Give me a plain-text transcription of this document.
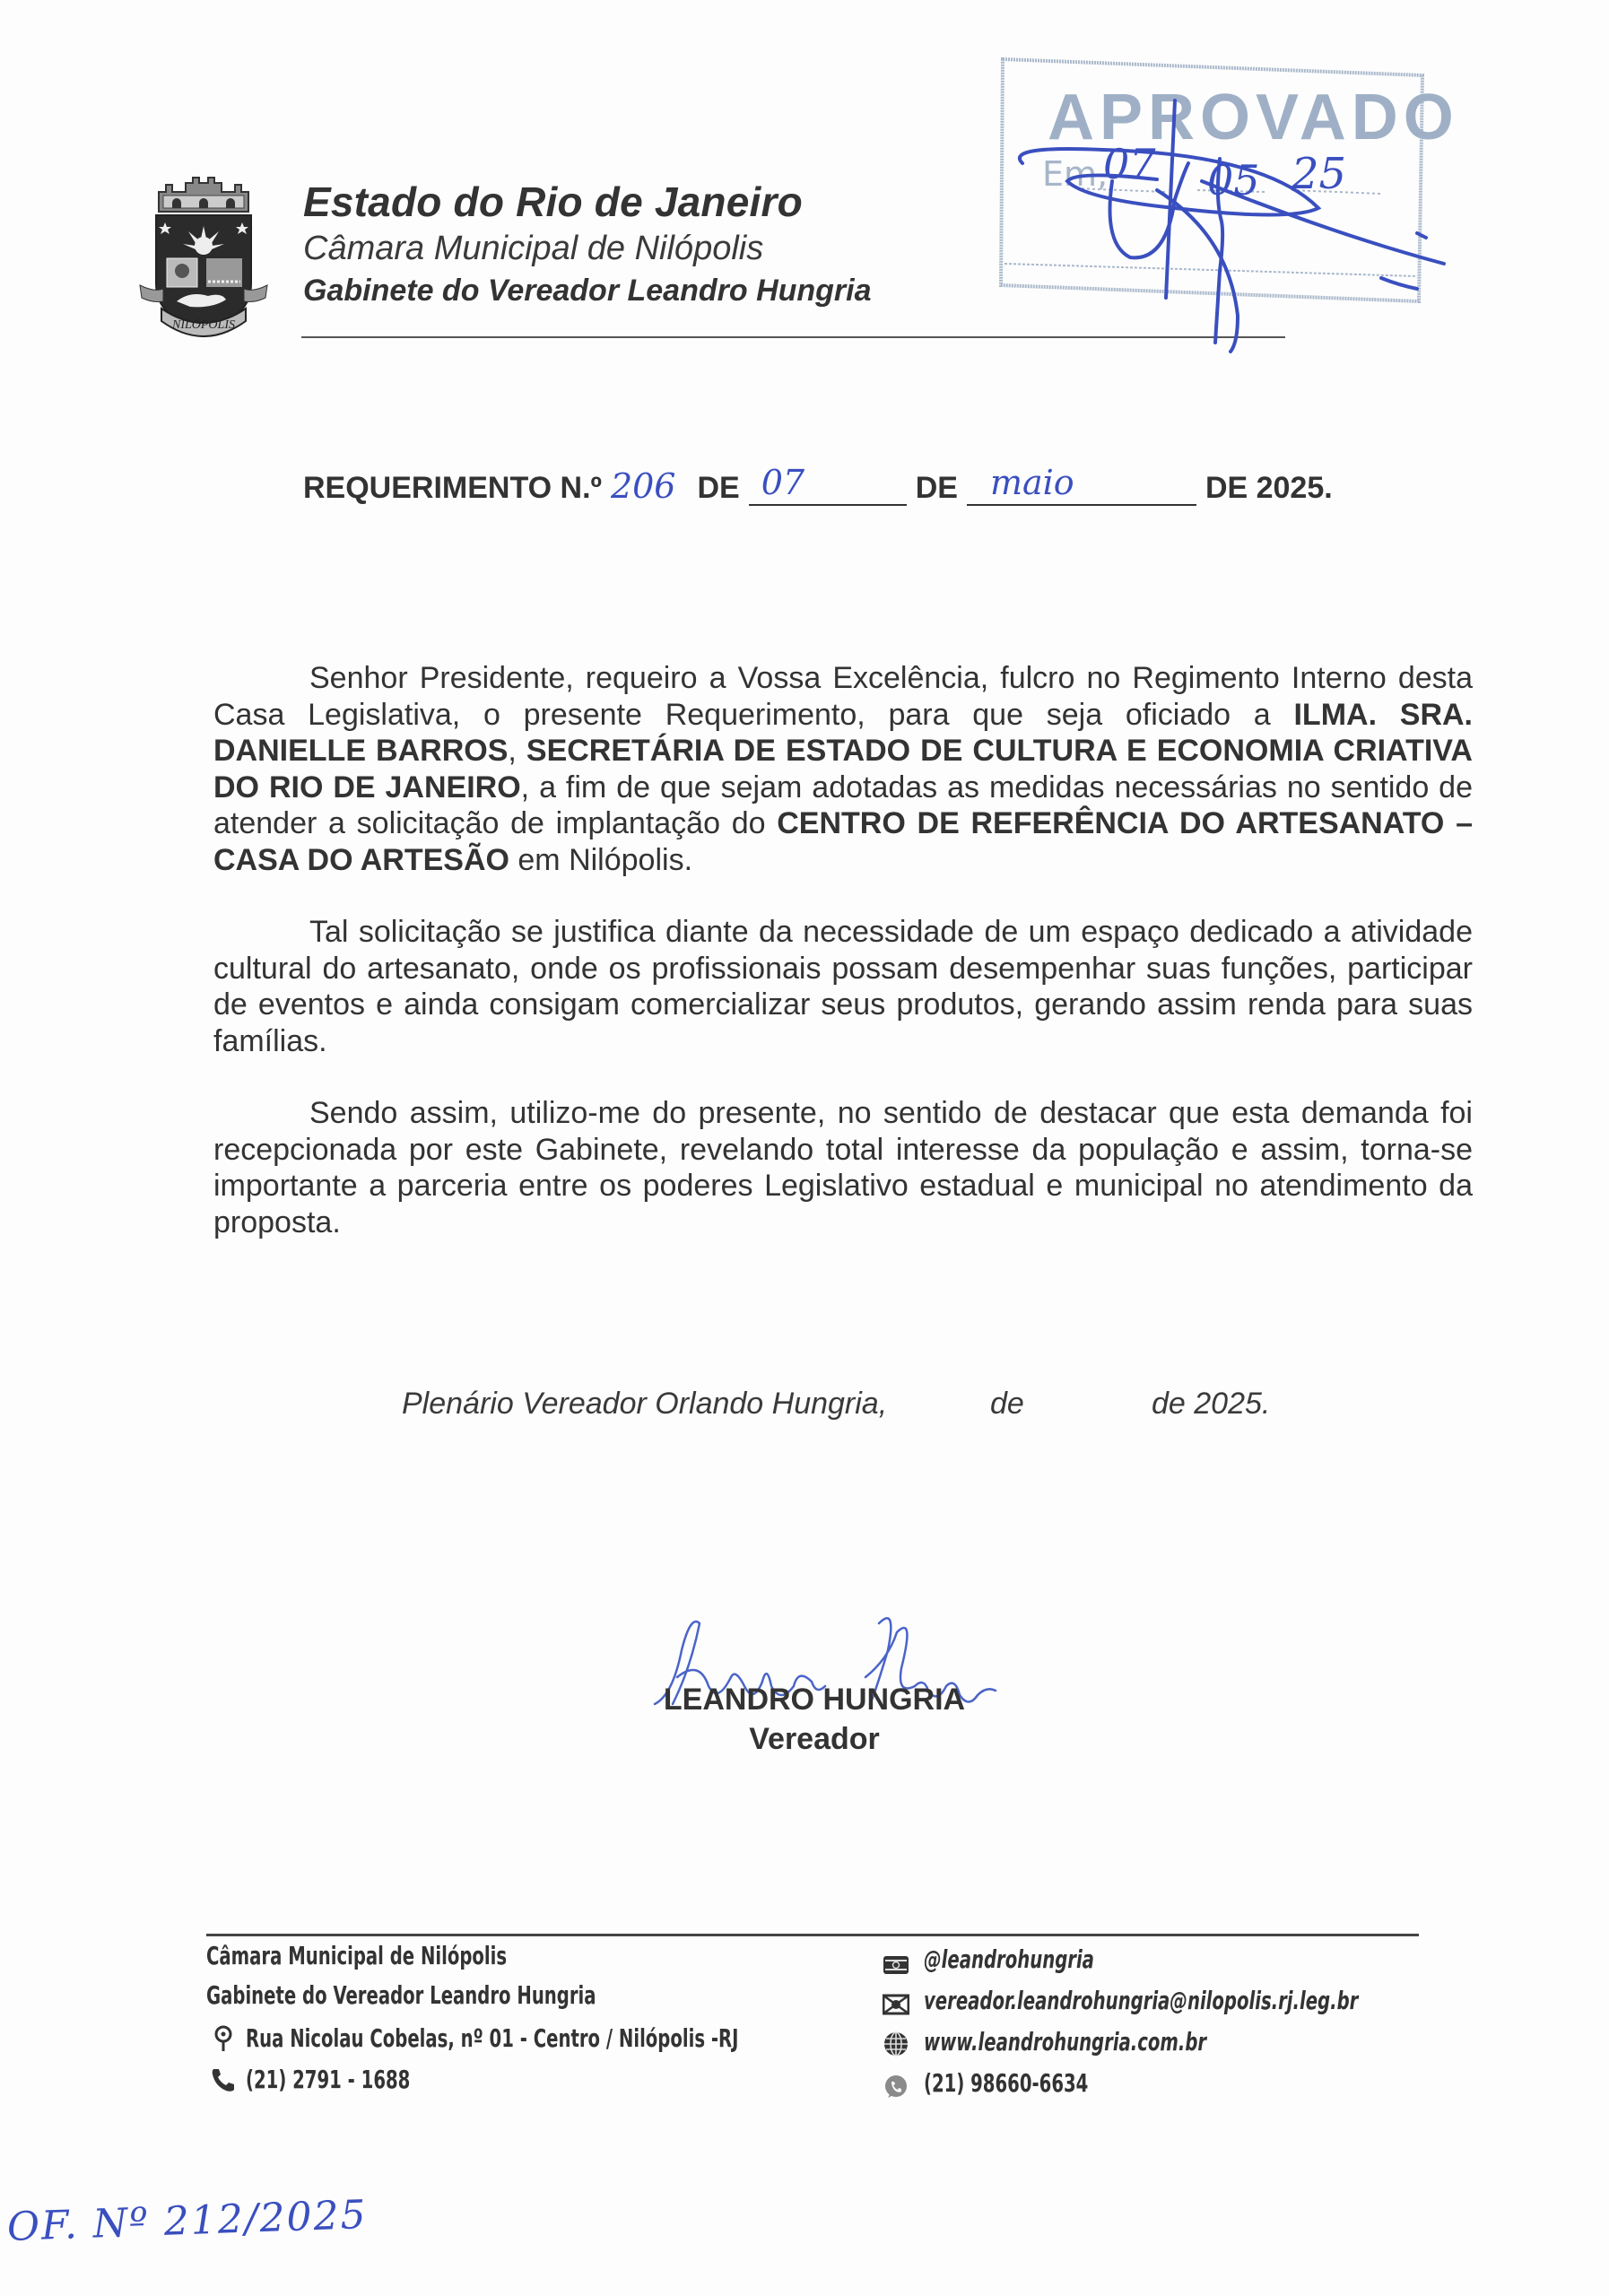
NILÓPOLIS
Estado do Rio de Janeiro
Câmara Municipal de Nilópolis
Gabinete do Vereador Leandro Hungria
APROVADO
Em,
07 05 25
REQUERIMENTO N.º 206 DE 07	DE maio	DE 2025.

Senhor Presidente, requeiro a Vossa Excelência, fulcro no Regimento Interno desta Casa Legislativa, o presente Requerimento, para que seja oficiado a ILMA. SRA. DANIELLE BARROS, SECRETÁRIA DE ESTADO DE CULTURA E ECONOMIA CRIATIVA DO RIO DE JANEIRO, a fim de que sejam adotadas as medidas necessárias no sentido de atender a solicitação de implantação do CENTRO DE REFERÊNCIA DO ARTESANATO – CASA DO ARTESÃO em Nilópolis.

Tal solicitação se justifica diante da necessidade de um espaço dedicado a atividade cultural do artesanato, onde os profissionais possam desempenhar suas funções, participar de eventos e ainda consigam comercializar seus produtos, gerando assim renda para suas famílias.

Sendo assim, utilizo-me do presente, no sentido de destacar que esta demanda foi recepcionada por este Gabinete, revelando total interesse da população e assim, torna-se importante a parceria entre os poderes Legislativo estadual e municipal no atendimento da proposta.

Plenário Vereador Orlando Hungria,	de	de 2025.
LEANDRO HUNGRIA
Vereador
Câmara Municipal de Nilópolis
Gabinete do Vereador Leandro Hungria
Rua Nicolau Cobelas, nº 01 - Centro / Nilópolis -RJ
(21) 2791 - 1688
@leandrohungria
vereador.leandrohungria@nilopolis.rj.leg.br
www.leandrohungria.com.br
(21) 98660-6634
OF. Nº 212/2025
